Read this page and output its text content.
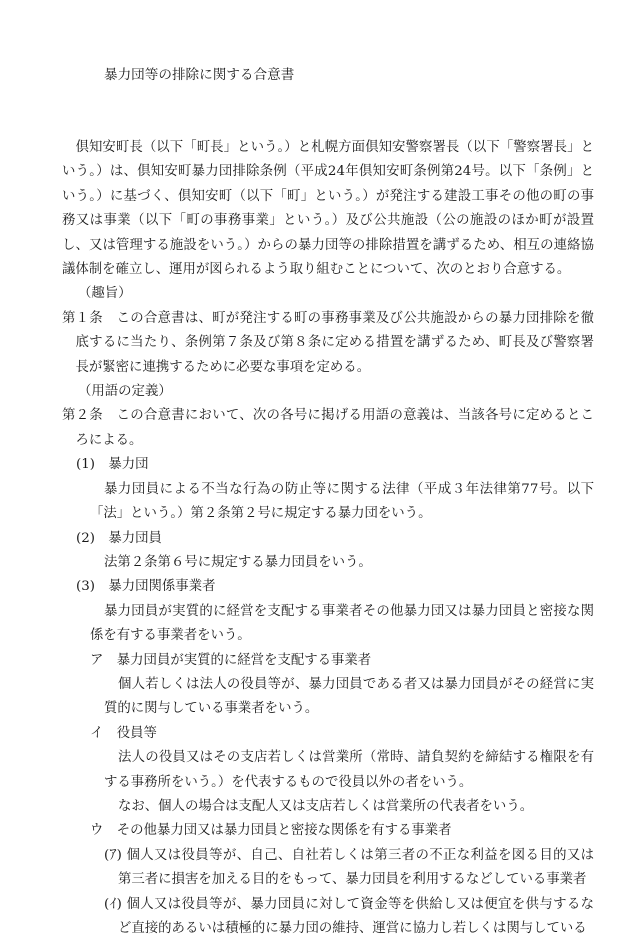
暴力団等の排除に関する合意書

倶知安町長（以下「町長」という。）と札幌方面倶知安警察署長（以下「警察署長」という。）は、倶知安町暴力団排除条例（平成24年倶知安町条例第24号。以下「条例」という。）に基づく、倶知安町（以下「町」という。）が発注する建設工事その他の町の事務又は事業（以下「町の事務事業」という。）及び公共施設（公の施設のほか町が設置し、又は管理する施設をいう。）からの暴力団等の排除措置を講ずるため、相互の連絡協議体制を確立し、運用が図られるよう取り組むことについて、次のとおり合意する。

（趣旨）

第１条　この合意書は、町が発注する町の事務事業及び公共施設からの暴力団排除を徹底するに当たり、条例第７条及び第８条に定める措置を講ずるため、町長及び警察署長が緊密に連携するために必要な事項を定める。

（用語の定義）

第２条　この合意書において、次の各号に掲げる用語の意義は、当該各号に定めるところによる。

(1)　暴力団

暴力団員による不当な行為の防止等に関する法律（平成３年法律第77号。以下「法」という。）第２条第２号に規定する暴力団をいう。

(2)　暴力団員

法第２条第６号に規定する暴力団員をいう。

(3)　暴力団関係事業者

暴力団員が実質的に経営を支配する事業者その他暴力団又は暴力団員と密接な関係を有する事業者をいう。

ア　暴力団員が実質的に経営を支配する事業者

個人若しくは法人の役員等が、暴力団員である者又は暴力団員がその経営に実質的に関与している事業者をいう。

イ　役員等

法人の役員又はその支店若しくは営業所（常時、請負契約を締結する権限を有する事務所をいう。）を代表するもので役員以外の者をいう。

なお、個人の場合は支配人又は支店若しくは営業所の代表者をいう。

ウ　その他暴力団又は暴力団員と密接な関係を有する事業者

(ｱ) 個人又は役員等が、自己、自社若しくは第三者の不正な利益を図る目的又は第三者に損害を加える目的をもって、暴力団員を利用するなどしている事業者

(ｲ) 個人又は役員等が、暴力団員に対して資金等を供給し又は便宜を供与するなど直接的あるいは積極的に暴力団の維持、運営に協力し若しくは関与している
